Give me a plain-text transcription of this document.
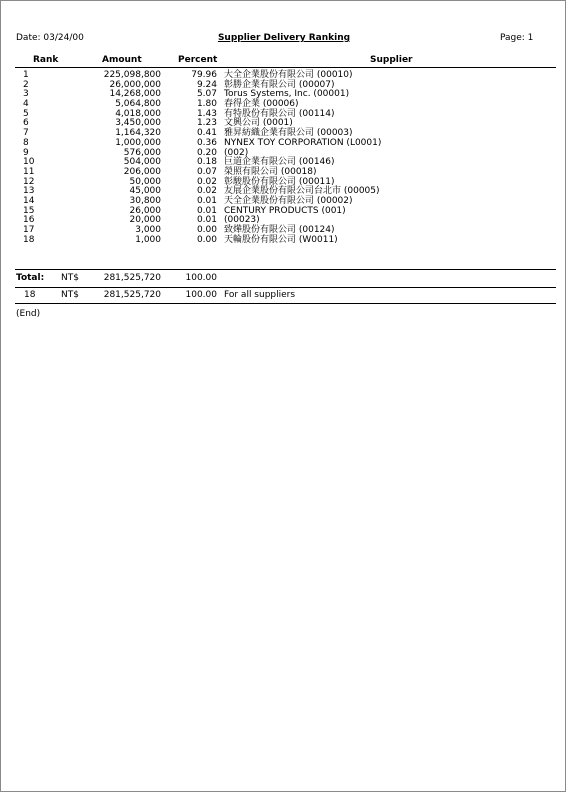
Date: 03/24/00	Supplier Delivery Ranking	Page: 1
Rank	Amount	Percent	Supplier
1	225,098,800	79.96 大全企業股份有限公司 (00010)
2	26,000,000	9.24 彰勝企業有限公司 (00007)
3	14,268,000	5.07 Torus Systems, Inc. (00001)
4	5,064,800	1.80 春得企業 (00006)
5	4,018,000	1.43 有特股份有限公司 (00114)
6	3,450,000	1.23 文興公司 (0001)
7	1,164,320	0.41 雅昇紡織企業有限公司 (00003)
8	1,000,000	0.36 NYNEX TOY CORPORATION (L0001)
9	576,000	0.20 (002)
10	504,000	0.18 巨道企業有限公司 (00146)
11	206,000	0.07 榮照有限公司 (00018)
12	50,000	0.02 彰駿股份有限公司 (00011)
13	45,000	0.02 友展企業股份有限公司台北市 (00005)
14	30,800	0.01 天全企業股份有限公司 (00002)
15	26,000	0.01 CENTURY PRODUCTS (001)
16	20,000	0.01 (00023)
17	3,000	0.00 致燁股份有限公司 (00124)
18	1,000	0.00 天輪股份有限公司 (W0011)
Total: NT$	281,525,720	100.00
18	NT$	281,525,720	100.00 For all suppliers
(End)
